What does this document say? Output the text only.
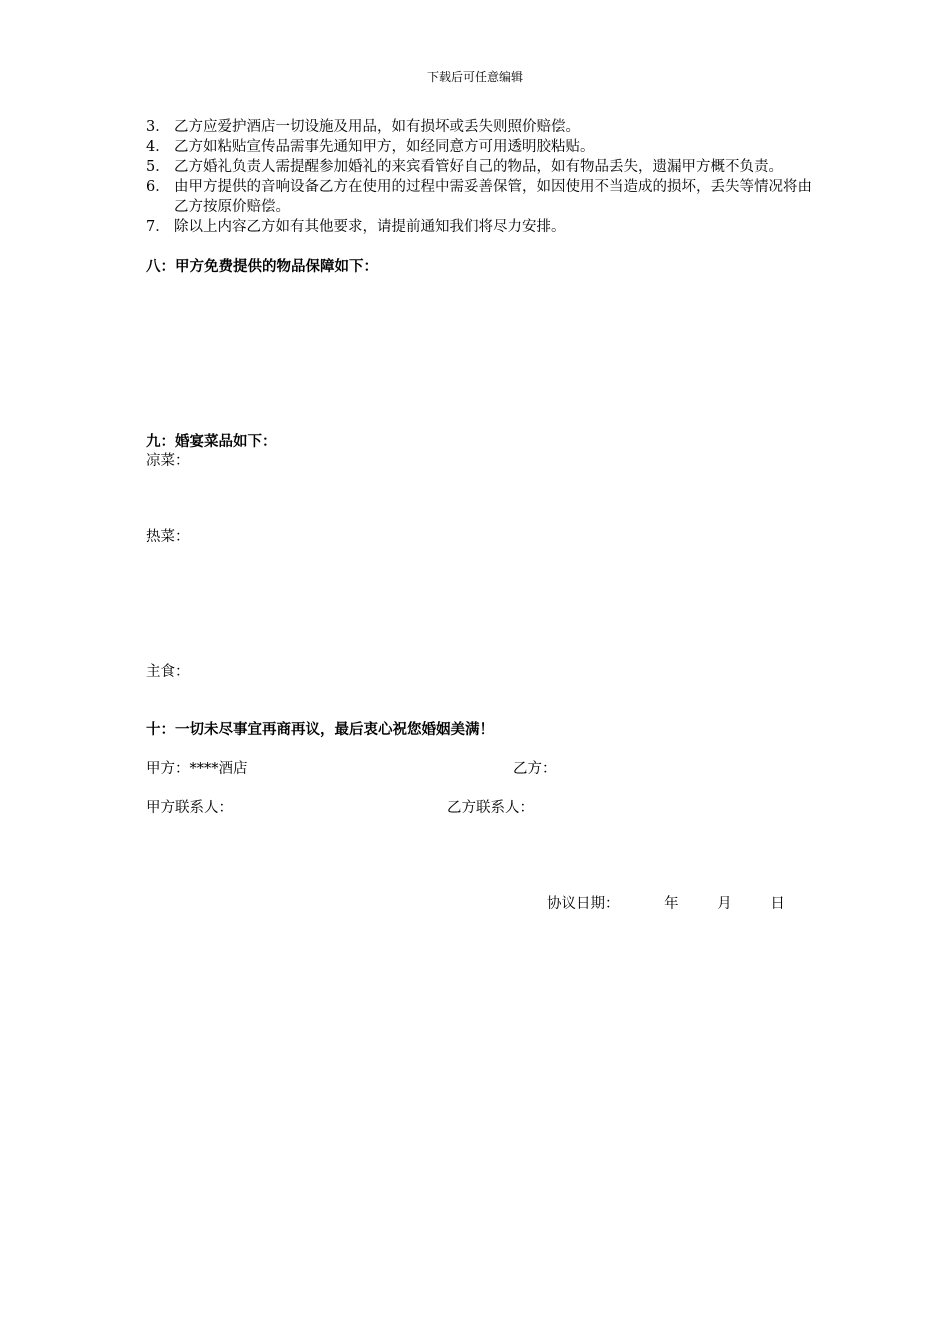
下载后可任意编辑
3． 乙方应爱护酒店一切设施及用品，如有损坏或丢失则照价赔偿。
4． 乙方如粘贴宣传品需事先通知甲方，如经同意方可用透明胶粘贴。
5． 乙方婚礼负责人需提醒参加婚礼的来宾看管好自己的物品，如有物品丢失，遗漏甲方概不负责。
6． 由甲方提供的音响设备乙方在使用的过程中需妥善保管，如因使用不当造成的损坏，丢失等情况将由乙方按原价赔偿。
7． 除以上内容乙方如有其他要求，请提前通知我们将尽力安排。
八：甲方免费提供的物品保障如下：
九：婚宴菜品如下：
凉菜：
热菜：
主食：
十：一切未尽事宜再商再议，最后衷心祝您婚姻美满！
甲方：****酒店	乙方：
甲方联系人：	乙方联系人：
协议日期：	年	月	日
